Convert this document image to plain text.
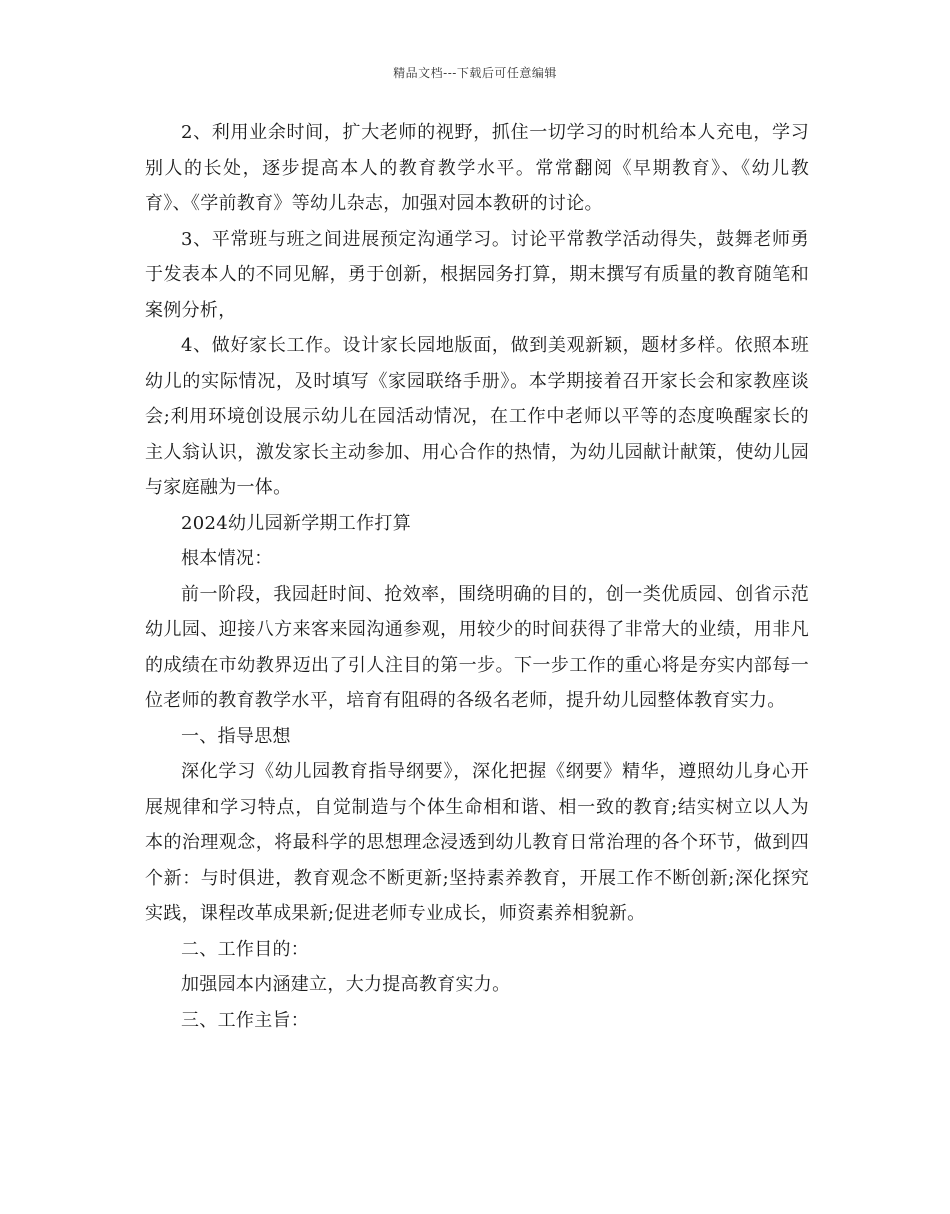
精品文档---下载后可任意编辑

2、利用业余时间，扩大老师的视野，抓住一切学习的时机给本人充电，学习别人的长处，逐步提高本人的教育教学水平。常常翻阅《早期教育》、《幼儿教育》、《学前教育》等幼儿杂志，加强对园本教研的讨论。

3、平常班与班之间进展预定沟通学习。讨论平常教学活动得失，鼓舞老师勇于发表本人的不同见解，勇于创新，根据园务打算，期末撰写有质量的教育随笔和案例分析，

4、做好家长工作。设计家长园地版面，做到美观新颖，题材多样。依照本班幼儿的实际情况，及时填写《家园联络手册》。本学期接着召开家长会和家教座谈会;利用环境创设展示幼儿在园活动情况，在工作中老师以平等的态度唤醒家长的主人翁认识，激发家长主动参加、用心合作的热情，为幼儿园献计献策，使幼儿园与家庭融为一体。

2024幼儿园新学期工作打算

根本情况：

前一阶段，我园赶时间、抢效率，围绕明确的目的，创一类优质园、创省示范幼儿园、迎接八方来客来园沟通参观，用较少的时间获得了非常大的业绩，用非凡的成绩在市幼教界迈出了引人注目的第一步。下一步工作的重心将是夯实内部每一位老师的教育教学水平，培育有阻碍的各级名老师，提升幼儿园整体教育实力。

一、指导思想

深化学习《幼儿园教育指导纲要》，深化把握《纲要》精华，遵照幼儿身心开展规律和学习特点，自觉制造与个体生命相和谐、相一致的教育;结实树立以人为本的治理观念，将最科学的思想理念浸透到幼儿教育日常治理的各个环节，做到四个新：与时俱进，教育观念不断更新;坚持素养教育，开展工作不断创新;深化探究实践，课程改革成果新;促进老师专业成长，师资素养相貌新。

二、工作目的：

加强园本内涵建立，大力提高教育实力。

三、工作主旨：
